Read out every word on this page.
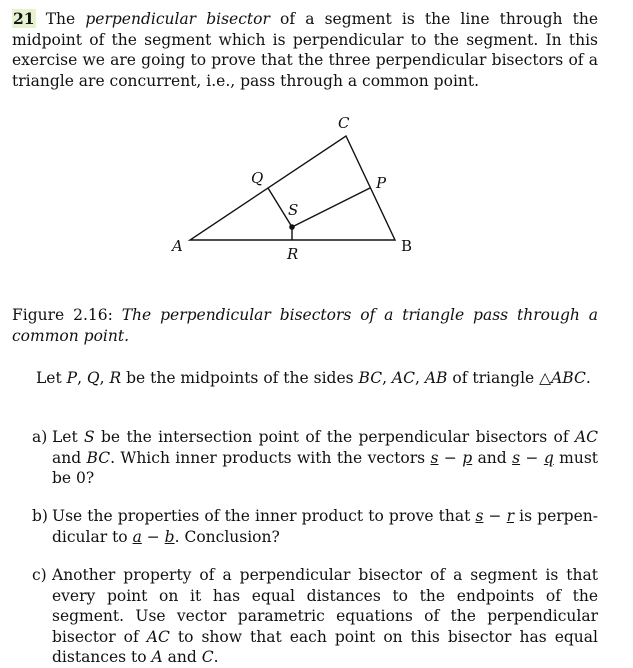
21 The perpendicular bisector of a segment is the line through the midpoint of the segment which is perpendicular to the segment. In this exercise we are going to prove that the three perpendicular bisectors of a triangle are concurrent, i.e., pass through a common point.
C
Q	P
S
A	R	B
Figure 2.16: The perpendicular bisectors of a triangle pass through a common point.
Let P, Q, R be the midpoints of the sides BC, AC, AB of triangle △ABC.
a) Let S be the intersection point of the perpendicular bisectors of AC and BC. Which inner products with the vectors s − p and s − q must be 0?
b) Use the properties of the inner product to prove that s − r is perpen-dicular to a − b. Conclusion?
c) Another property of a perpendicular bisector of a segment is that every point on it has equal distances to the endpoints of the segment. Use vector parametric equations of the perpendicular bisector of AC to show that each point on this bisector has equal distances to A and C.
